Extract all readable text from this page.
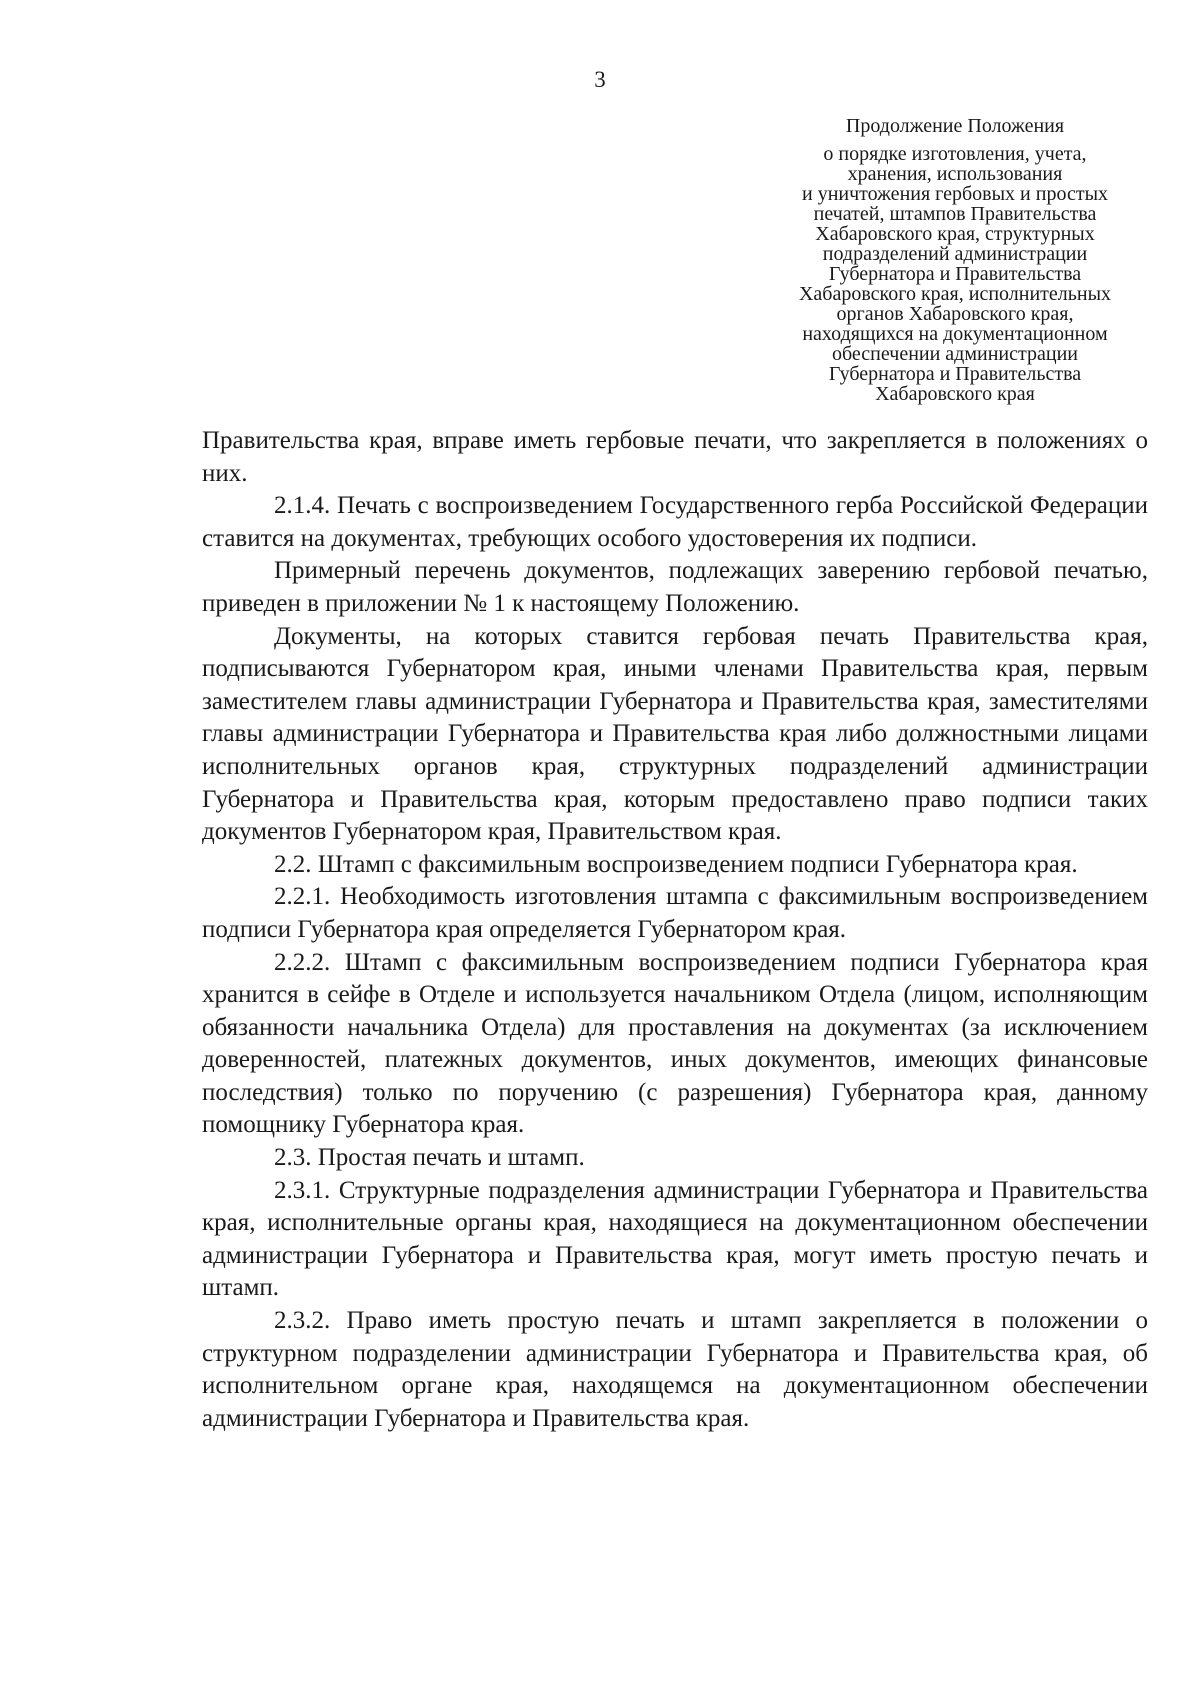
3
Продолжение Положения
о порядке изготовления, учета,
хранения, использования
и уничтожения гербовых и простых
печатей, штампов Правительства
Хабаровского края, структурных
подразделений администрации
Губернатора и Правительства
Хабаровского края, исполнительных
органов Хабаровского края,
находящихся на документационном
обеспечении администрации
Губернатора и Правительства
Хабаровского края

Правительства края, вправе иметь гербовые печати, что закрепляется в положениях о них.

2.1.4. Печать с воспроизведением Государственного герба Российской Федерации ставится на документах, требующих особого удостоверения их подписи.

Примерный перечень документов, подлежащих заверению гербовой печатью, приведен в приложении № 1 к настоящему Положению.

Документы, на которых ставится гербовая печать Правительства края, подписываются Губернатором края, иными членами Правительства края, первым заместителем главы администрации Губернатора и Правительства края, заместителями главы администрации Губернатора и Правительства края либо должностными лицами исполнительных органов края, структурных подразделений администрации Губернатора и Правительства края, которым предоставлено право подписи таких документов Губернатором края, Правительством края.

2.2. Штамп с факсимильным воспроизведением подписи Губернатора края.

2.2.1. Необходимость изготовления штампа с факсимильным воспроизведением подписи Губернатора края определяется Губернатором края.

2.2.2. Штамп с факсимильным воспроизведением подписи Губернатора края хранится в сейфе в Отделе и используется начальником Отдела (лицом, исполняющим обязанности начальника Отдела) для проставления на документах (за исключением доверенностей, платежных документов, иных документов, имеющих финансовые последствия) только по поручению (с разрешения) Губернатора края, данному помощнику Губернатора края.

2.3. Простая печать и штамп.

2.3.1. Структурные подразделения администрации Губернатора и Правительства края, исполнительные органы края, находящиеся на документационном обеспечении администрации Губернатора и Правительства края, могут иметь простую печать и штамп.

2.3.2. Право иметь простую печать и штамп закрепляется в положении о структурном подразделении администрации Губернатора и Правительства края, об исполнительном органе края, находящемся на документационном обеспечении администрации Губернатора и Правительства края.
